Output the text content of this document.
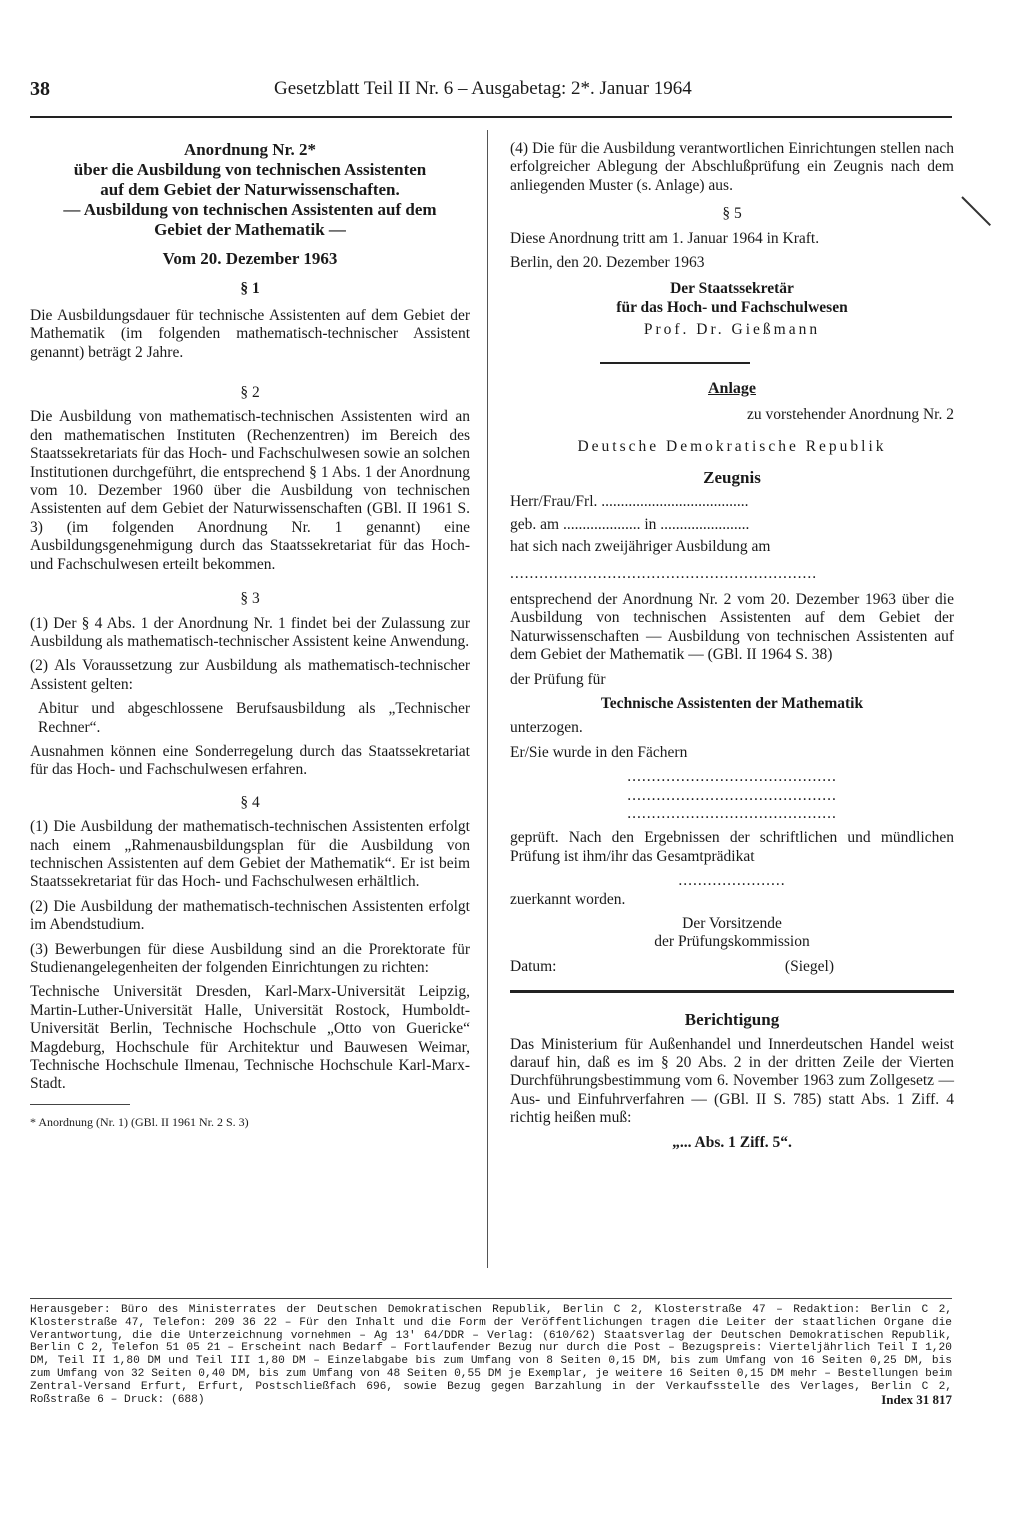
38	Gesetzblatt Teil II Nr. 6 – Ausgabetag: 2*. Januar 1964

Anordnung Nr. 2*

über die Ausbildung von technischen Assistenten

auf dem Gebiet der Naturwissenschaften.

— Ausbildung von technischen Assistenten auf dem

Gebiet der Mathematik —

Vom 20. Dezember 1963

§ 1

Die Ausbildungsdauer für technische Assistenten auf dem Gebiet der Mathematik (im folgenden mathematisch-technischer Assistent genannt) beträgt 2 Jahre.

§ 2

Die Ausbildung von mathematisch-technischen Assistenten wird an den mathematischen Instituten (Rechenzentren) im Bereich des Staatssekretariats für das Hoch- und Fachschulwesen sowie an solchen Institutionen durchgeführt, die entsprechend § 1 Abs. 1 der Anordnung vom 10. Dezember 1960 über die Ausbildung von technischen Assistenten auf dem Gebiet der Naturwissenschaften (GBl. II 1961 S. 3) (im folgenden Anordnung Nr. 1 genannt) eine Ausbildungsgenehmigung durch das Staatssekretariat für das Hoch- und Fachschulwesen erteilt bekommen.

§ 3

(1) Der § 4 Abs. 1 der Anordnung Nr. 1 findet bei der Zulassung zur Ausbildung als mathematisch-technischer Assistent keine Anwendung.

(2) Als Voraussetzung zur Ausbildung als mathematisch-technischer Assistent gelten:

Abitur und abgeschlossene Berufsausbildung als „Technischer Rechner“.

Ausnahmen können eine Sonderregelung durch das Staatssekretariat für das Hoch- und Fachschulwesen erfahren.

§ 4

(1) Die Ausbildung der mathematisch-technischen Assistenten erfolgt nach einem „Rahmenausbildungsplan für die Ausbildung von technischen Assistenten auf dem Gebiet der Mathematik“. Er ist beim Staatssekretariat für das Hoch- und Fachschulwesen erhältlich.

(2) Die Ausbildung der mathematisch-technischen Assistenten erfolgt im Abendstudium.

(3) Bewerbungen für diese Ausbildung sind an die Prorektorate für Studienangelegenheiten der folgenden Einrichtungen zu richten:

Technische Universität Dresden, Karl-Marx-Universität Leipzig, Martin-Luther-Universität Halle, Universität Rostock, Humboldt-Universität Berlin, Technische Hochschule „Otto von Guericke“ Magdeburg, Hochschule für Architektur und Bauwesen Weimar, Technische Hochschule Ilmenau, Technische Hochschule Karl-Marx-Stadt.

* Anordnung (Nr. 1) (GBl. II 1961 Nr. 2 S. 3)

(4) Die für die Ausbildung verantwortlichen Einrichtungen stellen nach erfolgreicher Ablegung der Abschlußprüfung ein Zeugnis nach dem anliegenden Muster (s. Anlage) aus.

§ 5

Diese Anordnung tritt am 1. Januar 1964 in Kraft.

Berlin, den 20. Dezember 1963

Der Staatssekretär

für das Hoch- und Fachschulwesen

Prof. Dr. Gießmann

Anlage

zu vorstehender Anordnung Nr. 2

Deutsche Demokratische Republik

Zeugnis

Herr/Frau/Frl. ......................................

geb. am .................... in .......................

hat sich nach zweijähriger Ausbildung am

...............................................................

entsprechend der Anordnung Nr. 2 vom 20. Dezember 1963 über die Ausbildung von technischen Assistenten auf dem Gebiet der Naturwissenschaften — Ausbildung von technischen Assistenten auf dem Gebiet der Mathematik — (GBl. II 1964 S. 38)

der Prüfung für

Technische Assistenten der Mathematik

unterzogen.

Er/Sie wurde in den Fächern

...........................................

...........................................

...........................................

geprüft. Nach den Ergebnissen der schriftlichen und mündlichen Prüfung ist ihm/ihr das Gesamtprädikat

......................

zuerkannt worden.

Der Vorsitzende

der Prüfungskommission

Datum:	(Siegel)

Berichtigung

Das Ministerium für Außenhandel und Innerdeutschen Handel weist darauf hin, daß es im § 20 Abs. 2 in der dritten Zeile der Vierten Durchführungsbestimmung vom 6. November 1963 zum Zollgesetz — Aus- und Einfuhrverfahren — (GBl. II S. 785) statt Abs. 1 Ziff. 4 richtig heißen muß:

„... Abs. 1 Ziff. 5“.

Herausgeber: Büro des Ministerrates der Deutschen Demokratischen Republik, Berlin C 2, Klosterstraße 47 – Redaktion: Berlin C 2, Klosterstraße 47, Telefon: 209 36 22 – Für den Inhalt und die Form der Veröffentlichungen tragen die Leiter der staatlichen Organe die Verantwortung, die die Unterzeichnung vornehmen – Ag 13' 64/DDR – Verlag: (610/62) Staatsverlag der Deutschen Demokratischen Republik, Berlin C 2, Telefon 51 05 21 – Erscheint nach Bedarf – Fortlaufender Bezug nur durch die Post – Bezugspreis: Vierteljährlich Teil I 1,20 DM, Teil II 1,80 DM und Teil III 1,80 DM – Einzelabgabe bis zum Umfang von 8 Seiten 0,15 DM, bis zum Umfang von 16 Seiten 0,25 DM, bis zum Umfang von 32 Seiten 0,40 DM, bis zum Umfang von 48 Seiten 0,55 DM je Exemplar, je weitere 16 Seiten 0,15 DM mehr – Bestellungen beim Zentral-Versand Erfurt, Erfurt, Postschließfach 696, sowie Bezug gegen Barzahlung in der Verkaufsstelle des Verlages, Berlin C 2, Roßstraße 6 – Druck: (688)	Index 31 817
